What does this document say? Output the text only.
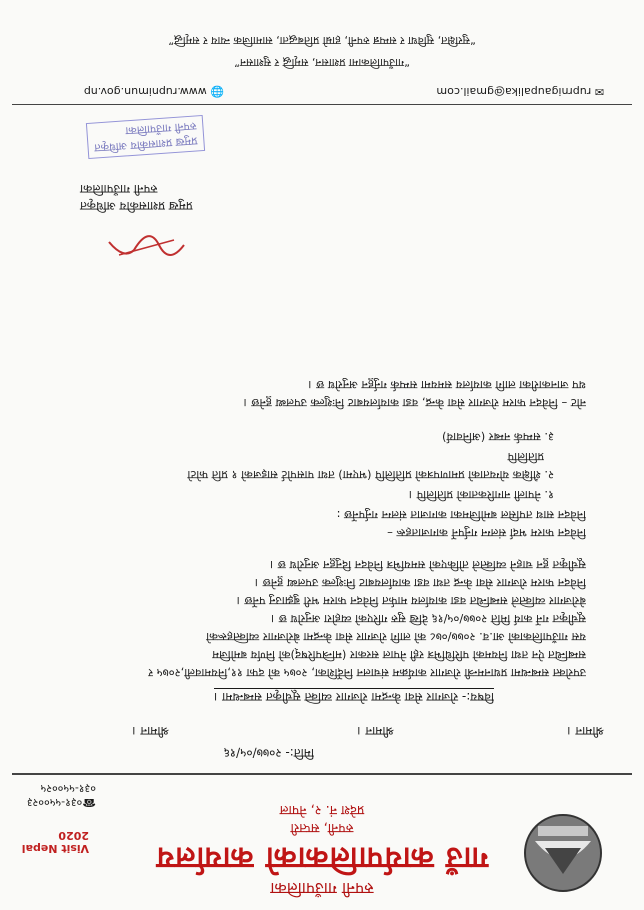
Visit Nepal 2020
रुपनी गाउँपालिका
गाउँ कार्यपालिकाको कार्यालय
रुपनी, सप्तरी
प्रदेश नं. २, नेपाल
☎०३१-५५००२३
०३१-५५००२५
मिति:- २०७७/०५/१६
श्रीमान ।
श्रीमान ।
श्रीमान ।
विषय:- रोजगार सेवा केन्द्रमा रोजगार व्यक्ति सूचीकृत सम्बन्धमा ।
उपरोक्त सम्बन्धमा प्रधानमन्त्री रोजगार कार्यक्रम संचालन निर्देशिका, २०७५ को दफा ११,नियमावली,२०७५ र
सम्बन्धित ऐन तथा नियमको परिधिभित्र रही नेपाल सरकार (मन्त्रिपरिषद्)को निर्णय बमोजिम
यस गाउँपालिकाको आ.व. २०७७/०७८ को लागि रोजगार सेवा केन्द्रमा बेरोजगार व्यक्तिहरूको
सूचीकृत गर्ने कार्य मिति २०७७/०५/१६ देखि सुरु गरिएको व्यहोरा अनुरोध छ ।
बेरोजगार व्यक्तिले सम्बन्धित वडा कार्यालय मार्फत निवेदन फारम भरी बुझाउनु पर्नेछ ।
निवेदन फारम रोजगार सेवा केन्द्र तथा वडा कार्यालयबाट निःशुल्क उपलब्ध हुनेछ ।
सूचीकृत हुन चाहने व्यक्तिले तोकिएको समयभित्र निवेदन दिनुहुन अनुरोध छ ।
निवेदन फारम भर्दा संलग्न गर्नुपर्ने कागजातहरू –
निवेदन साथ तपसिल बमोजिमका कागजात संलग्न गर्नुपर्नेछ :
१. नेपाली नागरिकताको प्रतिलिपि ।
२. शैक्षिक योग्यताको प्रमाणपत्रको प्रतिलिपि (भएमा) तथा पासपोर्ट साइजको १ प्रति फोटो
प्रतिलिपि
३. सम्पर्क नम्बर (अनिवार्य)
नोट – निवेदन फारम रोजगार सेवा केन्द्र, वडा कार्यालयबाट निःशुल्क उपलब्ध हुनेछ ।
थप जानकारीका लागि कार्यालय समयमा सम्पर्क गर्नुहुन अनुरोध छ ।
प्रमुख प्रशासकीय अधिकृत
रुपनी गाउँपालिका
प्रमुख प्रशासकीय अधिकृत
रुपनी गाउँपालिका
✉ ruprnigaupalika@gmail.com
🌐 www.rupnimun.gov.np
“गाउँपालिकामा प्रशासन, समृद्धि र सुशासन”
“सुरक्षित, सुविधा र सम्पन्न रुपनी, हाम्रो प्रतिबद्धता, सामाजिक न्याय र समृद्धि”
